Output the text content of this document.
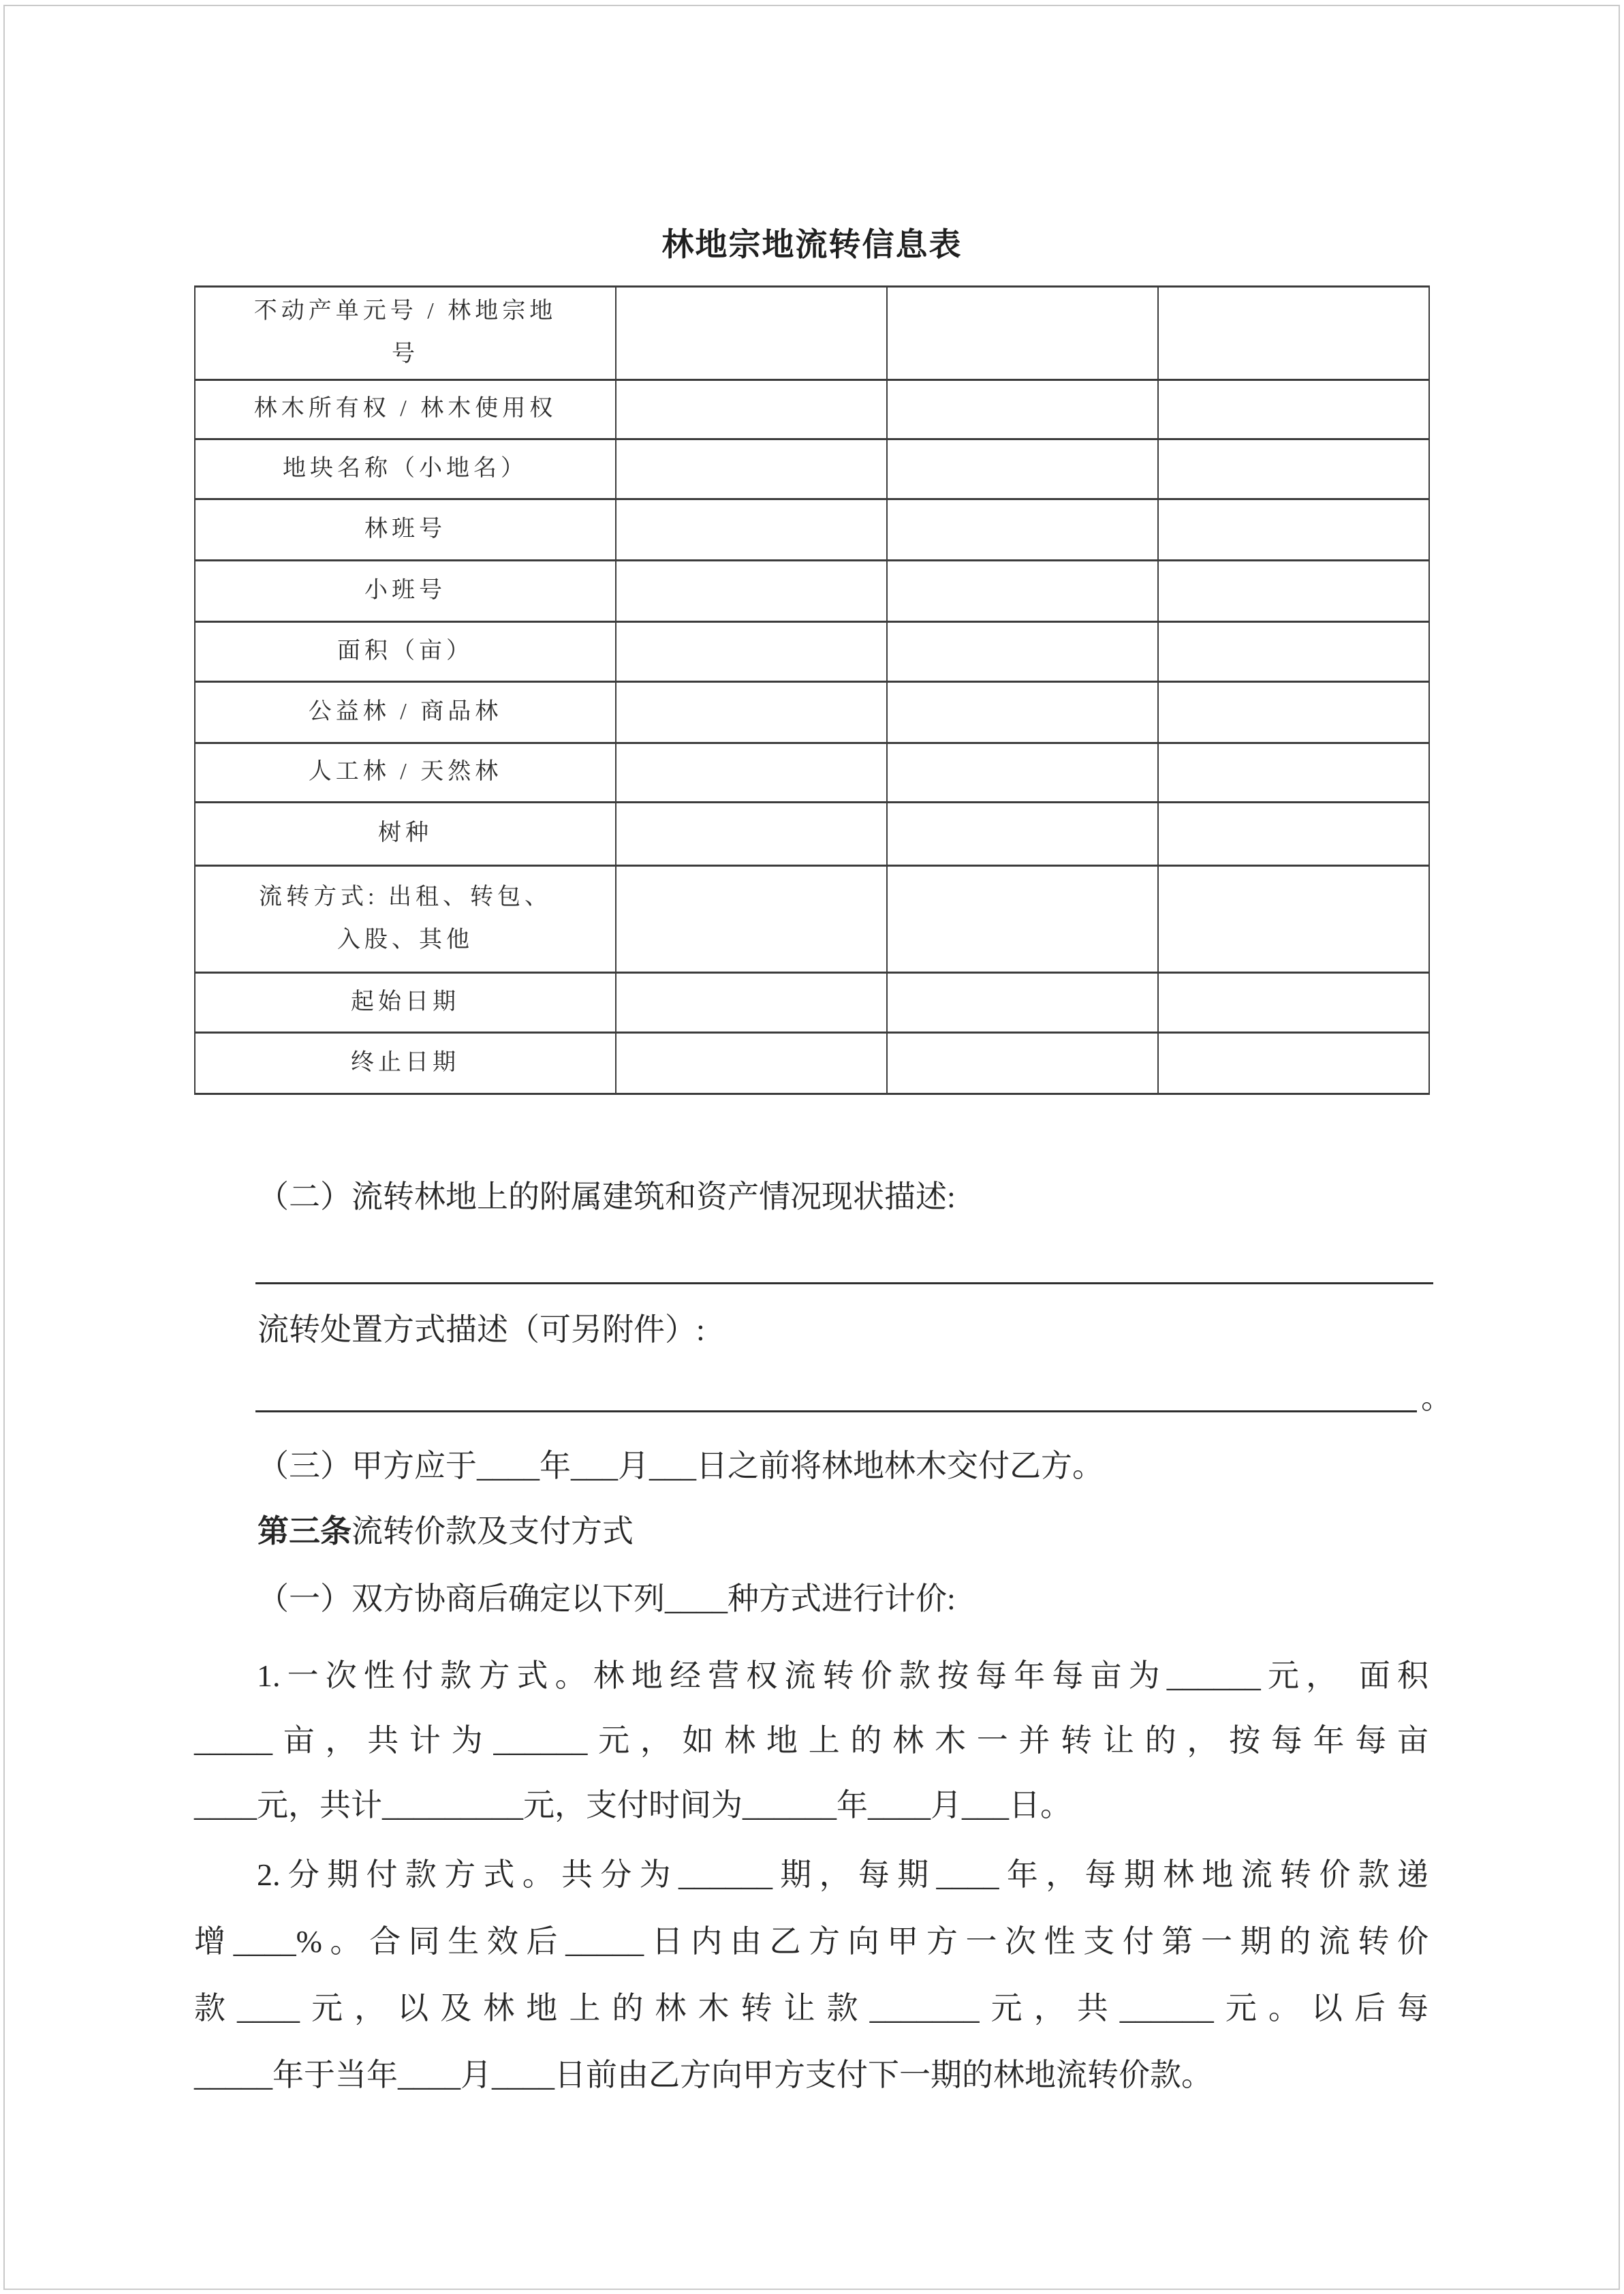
林地宗地流转信息表
不动产单元号 / 林地宗地
号			

林木所有权 / 林木使用权			

地块名称（小地名）			

林班号			

小班号			

面积（亩）			

公益林 / 商品林			

人工林 / 天然林			

树种			

流转方式: 出租、转包、
入股、其他			

起始日期			

终止日期			

（二）流转林地上的附属建筑和资产情况现状描述:
流转处置方式描述（可另附件）:
。
（三）甲方应于____年___月___日之前将林地林木交付乙方。
第三条流转价款及支付方式
（一）双方协商后确定以下列____种方式进行计价:
1.一次性付款方式。林地经营权流转价款按每年每亩为______元， 面积
_____亩，共计为______元，如林地上的林木一并转让的，按每年每亩
____元，共计_________元，支付时间为______年____月___日。
2.分期付款方式。共分为______期，每期____年，每期林地流转价款递
增____%。合同生效后_____日内由乙方向甲方一次性支付第一期的流转价
款____元，以及林地上的林木转让款_______元，共______元。以后每
_____年于当年____月____日前由乙方向甲方支付下一期的林地流转价款。
